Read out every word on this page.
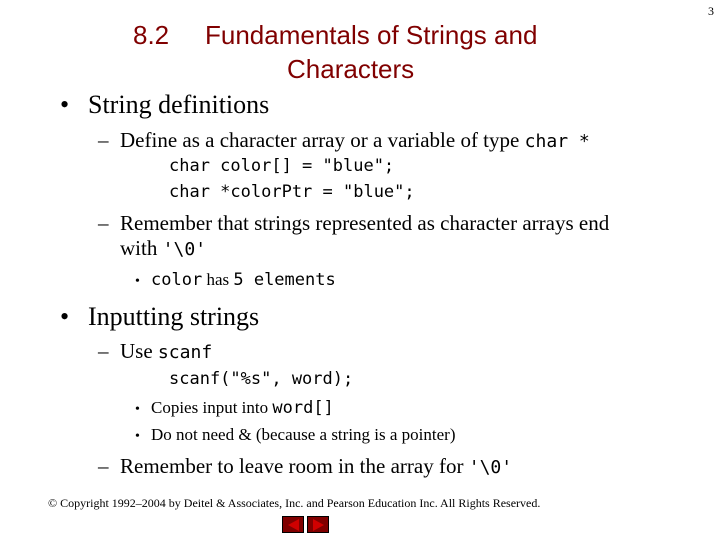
3
8.2 Fundamentals of Strings and
Characters
• String definitions
– Define as a character array or a variable of type char *
char color[] = "blue";
char *colorPtr = "blue";
– Remember that strings represented as character arrays end
with '\0'
• color has 5 elements
• Inputting strings
– Use scanf
scanf("%s", word);
• Copies input into word[]
• Do not need & (because a string is a pointer)
– Remember to leave room in the array for '\0'
© Copyright 1992–2004 by Deitel & Associates, Inc. and Pearson Education Inc. All Rights Reserved.
